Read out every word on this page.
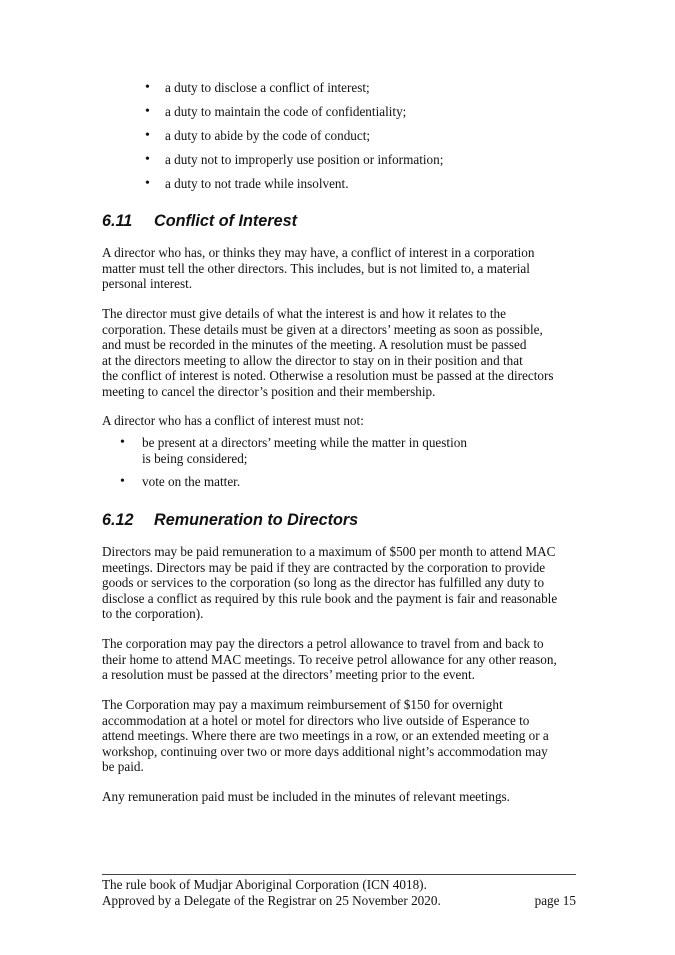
• a duty to disclose a conflict of interest;
• a duty to maintain the code of confidentiality;
• a duty to abide by the code of conduct;
• a duty not to improperly use position or information;
• a duty to not trade while insolvent.
6.11 Conflict of Interest

A director who has, or thinks they may have, a conflict of interest in a corporation
matter must tell the other directors. This includes, but is not limited to, a material
personal interest.

The director must give details of what the interest is and how it relates to the
corporation. These details must be given at a directors’ meeting as soon as possible,
and must be recorded in the minutes of the meeting. A resolution must be passed
at the directors meeting to allow the director to stay on in their position and that
the conflict of interest is noted. Otherwise a resolution must be passed at the directors
meeting to cancel the director’s position and their membership.

A director who has a conflict of interest must not:

• be present at a directors’ meeting while the matter in question
is being considered;
• vote on the matter.
6.12 Remuneration to Directors

Directors may be paid remuneration to a maximum of $500 per month to attend MAC
meetings. Directors may be paid if they are contracted by the corporation to provide
goods or services to the corporation (so long as the director has fulfilled any duty to
disclose a conflict as required by this rule book and the payment is fair and reasonable
to the corporation).

The corporation may pay the directors a petrol allowance to travel from and back to
their home to attend MAC meetings. To receive petrol allowance for any other reason,
a resolution must be passed at the directors’ meeting prior to the event.

The Corporation may pay a maximum reimbursement of $150 for overnight
accommodation at a hotel or motel for directors who live outside of Esperance to
attend meetings. Where there are two meetings in a row, or an extended meeting or a
workshop, continuing over two or more days additional night’s accommodation may
be paid.

Any remuneration paid must be included in the minutes of relevant meetings.

The rule book of Mudjar Aboriginal Corporation (ICN 4018).
Approved by a Delegate of the Registrar on 25 November 2020.	page 15
